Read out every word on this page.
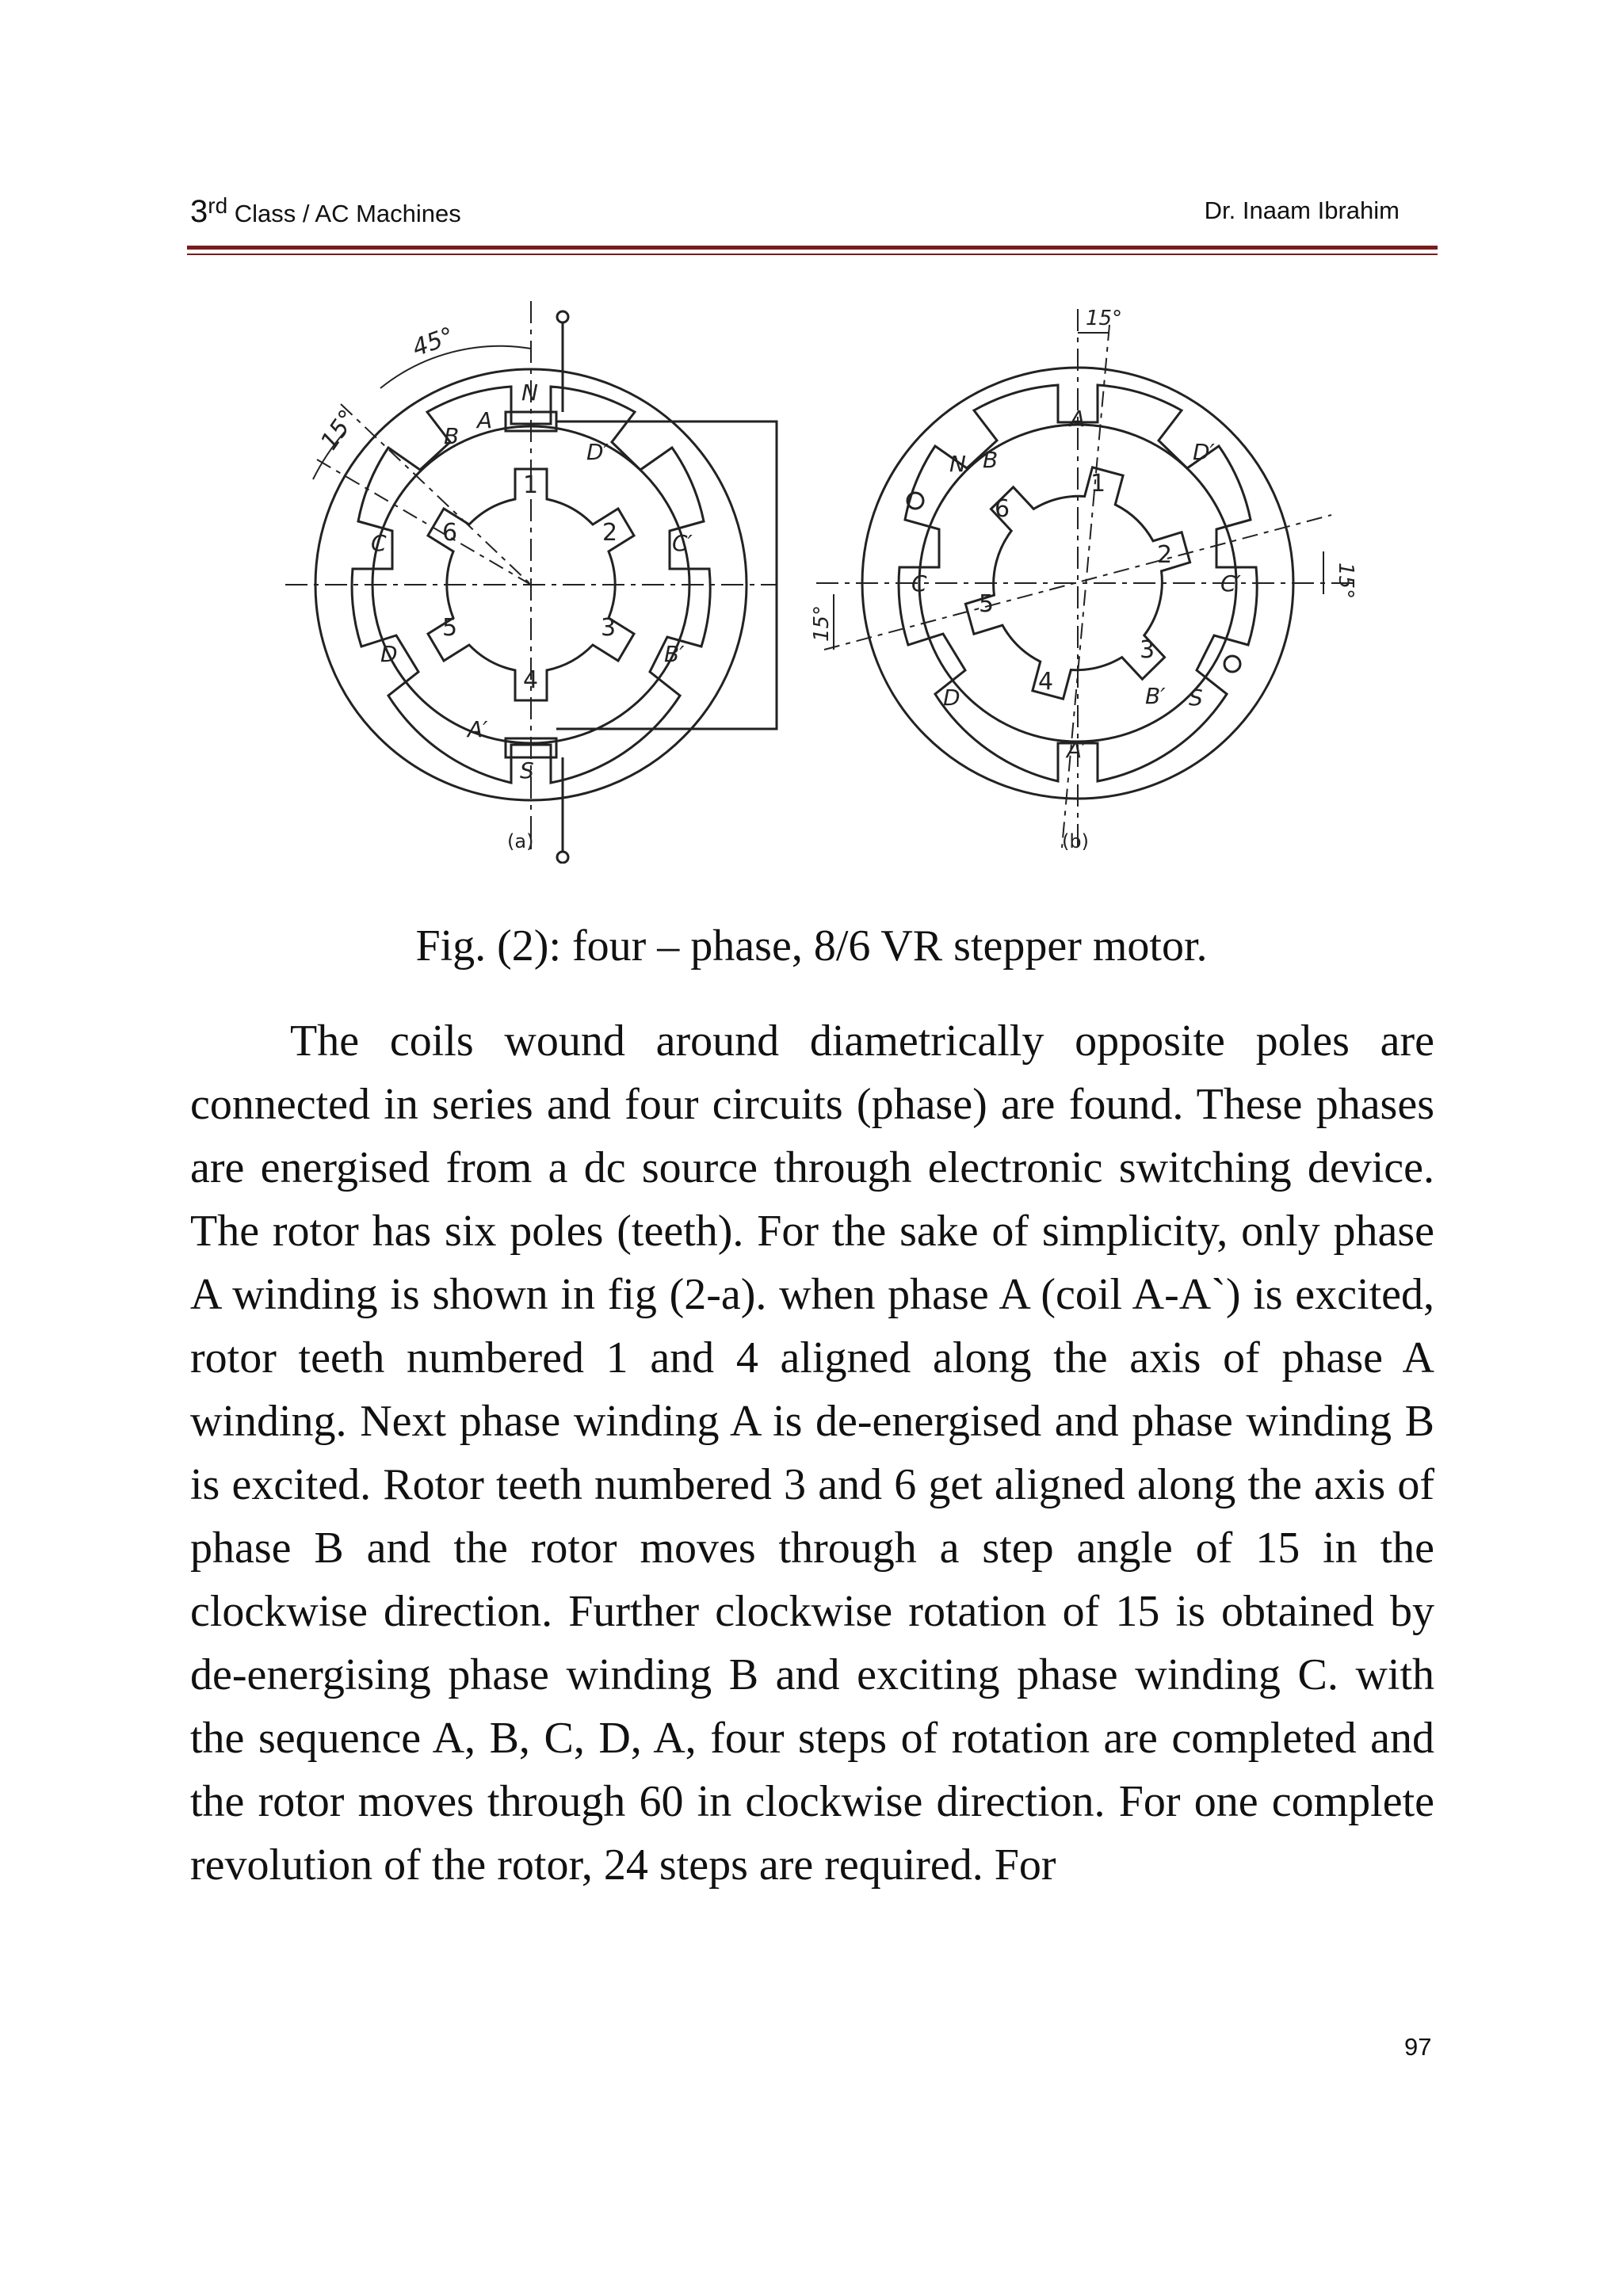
3rd Class / AC Machines	Dr. Inaam Ibrahim
45°
15°
N
A
D′
C′
B′
A′
S
D
C
B
1
2
3
4
5
6
(a)
15°
15°
15°
A
D′
C′
S
B′
A′
D
C
N B
1
2
3
4
5
6
(b)
Fig. (2): four – phase, 8/6 VR stepper motor.

The coils wound around diametrically opposite poles are connected in series and four circuits (phase) are found. These phases are energised from a dc source through electronic switching device. The rotor has six poles (teeth). For the sake of simplicity, only phase A winding is shown in fig (2-a). when phase A (coil A-A`) is excited, rotor teeth numbered 1 and 4 aligned along the axis of phase A winding. Next phase winding A is de-energised and phase winding B is excited. Rotor teeth numbered 3 and 6 get aligned along the axis of phase B and the rotor moves through a step angle of 15 in the clockwise direction. Further clockwise rotation of 15 is obtained by de-energising phase winding B and exciting phase winding C. with the sequence A, B, C, D, A, four steps of rotation are completed and the rotor moves through 60 in clockwise direction. For one complete revolution of the rotor, 24 steps are required. For

97
